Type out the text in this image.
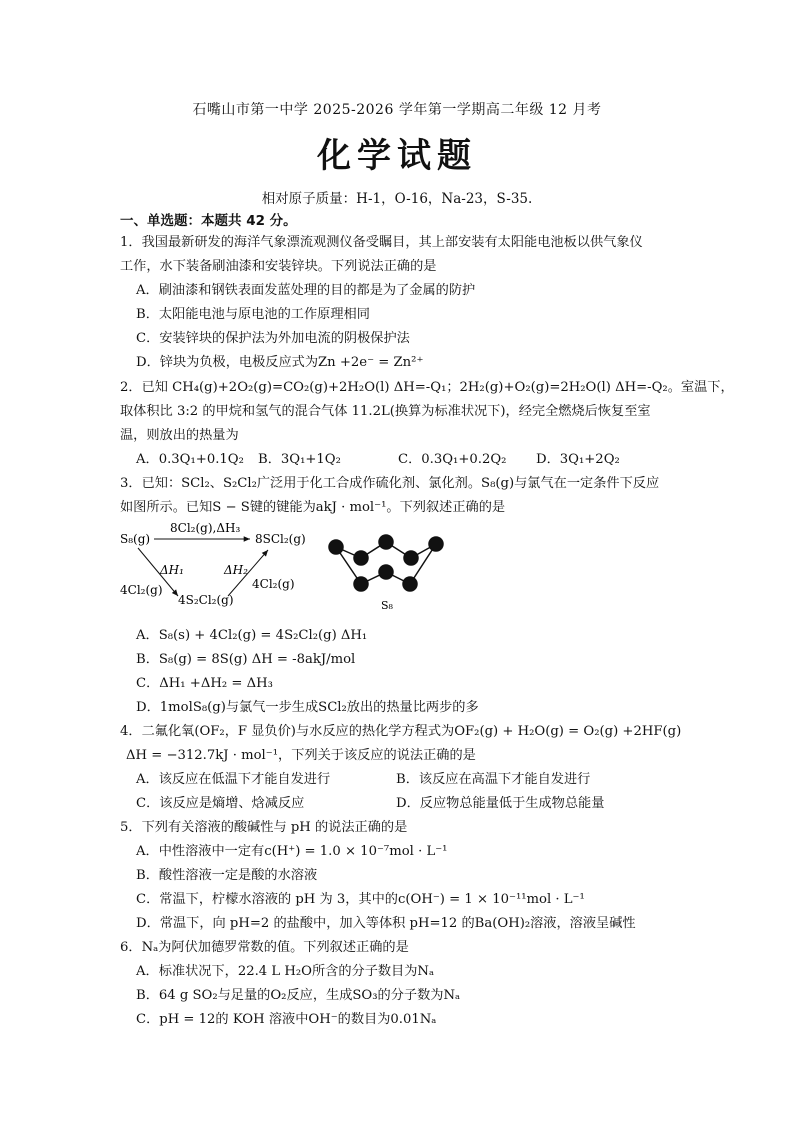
石嘴山市第一中学 2025-2026 学年第一学期高二年级 12 月考
化学试题
相对原子质量：H-1，O-16，Na-23，S-35.
一、单选题：本题共 42 分。
1．我国最新研发的海洋气象漂流观测仪备受瞩目，其上部安装有太阳能电池板以供气象仪
工作，水下装备刷油漆和安装锌块。下列说法正确的是
A．刷油漆和钢铁表面发蓝处理的目的都是为了金属的防护
B．太阳能电池与原电池的工作原理相同
C．安装锌块的保护法为外加电流的阴极保护法
D．锌块为负极，电极反应式为Zn +2e⁻ = Zn²⁺
2．已知 CH₄(g)+2O₂(g)=CO₂(g)+2H₂O(l) ΔH=-Q₁；2H₂(g)+O₂(g)=2H₂O(l) ΔH=-Q₂。室温下，
取体积比 3:2 的甲烷和氢气的混合气体 11.2L(换算为标准状况下)，经完全燃烧后恢复至室
温，则放出的热量为
A．0.3Q₁+0.1Q₂ B．3Q₁+1Q₂	C．0.3Q₁+0.2Q₂ D．3Q₁+2Q₂
3．已知：SCl₂、S₂Cl₂广泛用于化工合成作硫化剂、氯化剂。S₈(g)与氯气在一定条件下反应
如图所示。已知S − S键的键能为akJ · mol⁻¹。下列叙述正确的是
S₈(g)
8Cl₂(g),ΔH₃
8SCl₂(g)
ΔH₁	ΔH₂
4Cl₂(g)	4Cl₂(g)
4S₂Cl₂(g)	S₈
A．S₈(s) + 4Cl₂(g) = 4S₂Cl₂(g) ΔH₁
B．S₈(g) = 8S(g) ΔH = -8akJ/mol
C．ΔH₁ +ΔH₂ = ΔH₃
D．1molS₈(g)与氯气一步生成SCl₂放出的热量比两步的多
4．二氟化氧(OF₂，F 显负价)与水反应的热化学方程式为OF₂(g) + H₂O(g) = O₂(g) +2HF(g)
ΔH = −312.7kJ · mol⁻¹，下列关于该反应的说法正确的是
A．该反应在低温下才能自发进行	B．该反应在高温下才能自发进行
C．该反应是熵增、焓减反应	D．反应物总能量低于生成物总能量
5．下列有关溶液的酸碱性与 pH 的说法正确的是
A．中性溶液中一定有c(H⁺) = 1.0 × 10⁻⁷mol · L⁻¹
B．酸性溶液一定是酸的水溶液
C．常温下，柠檬水溶液的 pH 为 3，其中的c(OH⁻) = 1 × 10⁻¹¹mol · L⁻¹
D．常温下，向 pH=2 的盐酸中，加入等体积 pH=12 的Ba(OH)₂溶液，溶液呈碱性
6．Nₐ为阿伏加德罗常数的值。下列叙述正确的是
A．标准状况下，22.4 L H₂O所含的分子数目为Nₐ
B．64 g SO₂与足量的O₂反应，生成SO₃的分子数为Nₐ
C．pH = 12的 KOH 溶液中OH⁻的数目为0.01Nₐ
